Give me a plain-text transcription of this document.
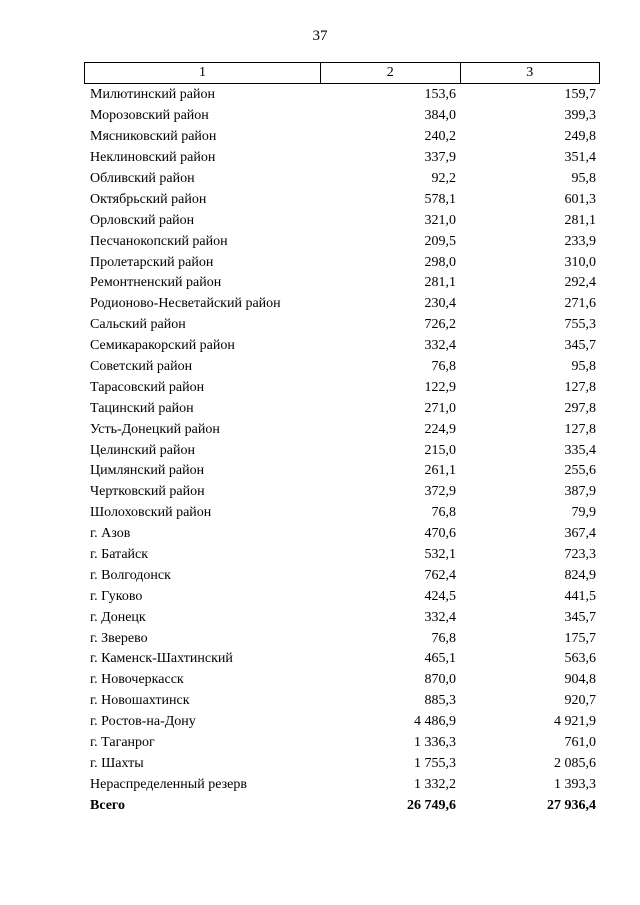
37
1	2	3
Милютинский район	153,6	159,7
Морозовский район	384,0	399,3
Мясниковский район	240,2	249,8
Неклиновский район	337,9	351,4
Обливский район	92,2	95,8
Октябрьский район	578,1	601,3
Орловский район	321,0	281,1
Песчанокопский район	209,5	233,9
Пролетарский район	298,0	310,0
Ремонтненский район	281,1	292,4
Родионово-Несветайский район	230,4	271,6
Сальский район	726,2	755,3
Семикаракорский район	332,4	345,7
Советский район	76,8	95,8
Тарасовский район	122,9	127,8
Тацинский район	271,0	297,8
Усть-Донецкий район	224,9	127,8
Целинский район	215,0	335,4
Цимлянский район	261,1	255,6
Чертковский район	372,9	387,9
Шолоховский район	76,8	79,9
г. Азов	470,6	367,4
г. Батайск	532,1	723,3
г. Волгодонск	762,4	824,9
г. Гуково	424,5	441,5
г. Донецк	332,4	345,7
г. Зверево	76,8	175,7
г. Каменск-Шахтинский	465,1	563,6
г. Новочеркасск	870,0	904,8
г. Новошахтинск	885,3	920,7
г. Ростов-на-Дону	4 486,9	4 921,9
г. Таганрог	1 336,3	761,0
г. Шахты	1 755,3	2 085,6
Нераспределенный резерв	1 332,2	1 393,3
Всего	26 749,6	27 936,4
